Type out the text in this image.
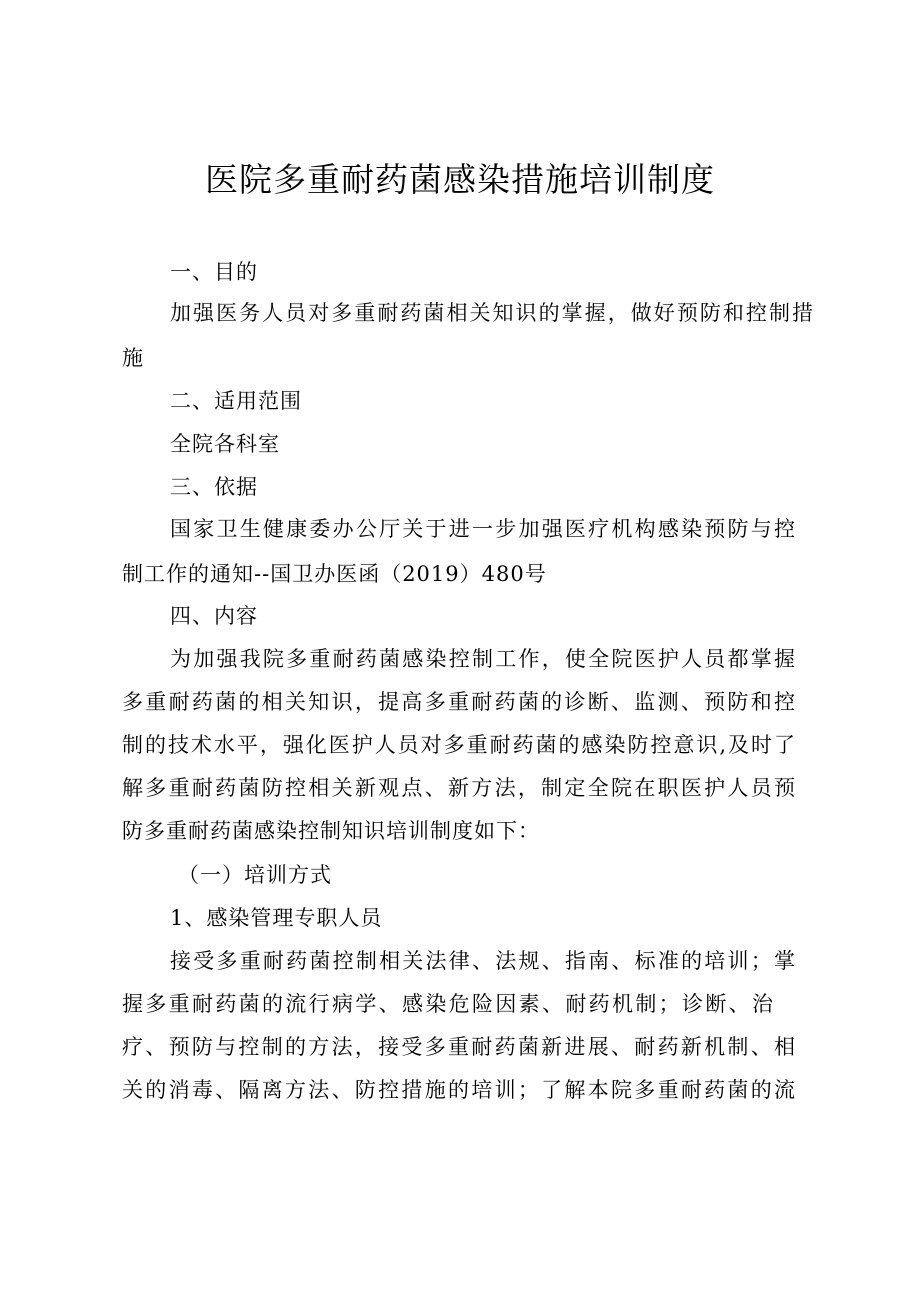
医院多重耐药菌感染措施培训制度
一、目的
加强医务人员对多重耐药菌相关知识的掌握，做好预防和控制措
施
二、适用范围
全院各科室
三、依据
国家卫生健康委办公厅关于进一步加强医疗机构感染预防与控
制工作的通知--国卫办医函（2019）480号
四、内容
为加强我院多重耐药菌感染控制工作，使全院医护人员都掌握
多重耐药菌的相关知识，提高多重耐药菌的诊断、监测、预防和控
制的技术水平，强化医护人员对多重耐药菌的感染防控意识,及时了
解多重耐药菌防控相关新观点、新方法，制定全院在职医护人员预
防多重耐药菌感染控制知识培训制度如下：
（一）培训方式
1、感染管理专职人员
接受多重耐药菌控制相关法律、法规、指南、标准的培训；掌
握多重耐药菌的流行病学、感染危险因素、耐药机制；诊断、治
疗、预防与控制的方法，接受多重耐药菌新进展、耐药新机制、相
关的消毒、隔离方法、防控措施的培训；了解本院多重耐药菌的流
